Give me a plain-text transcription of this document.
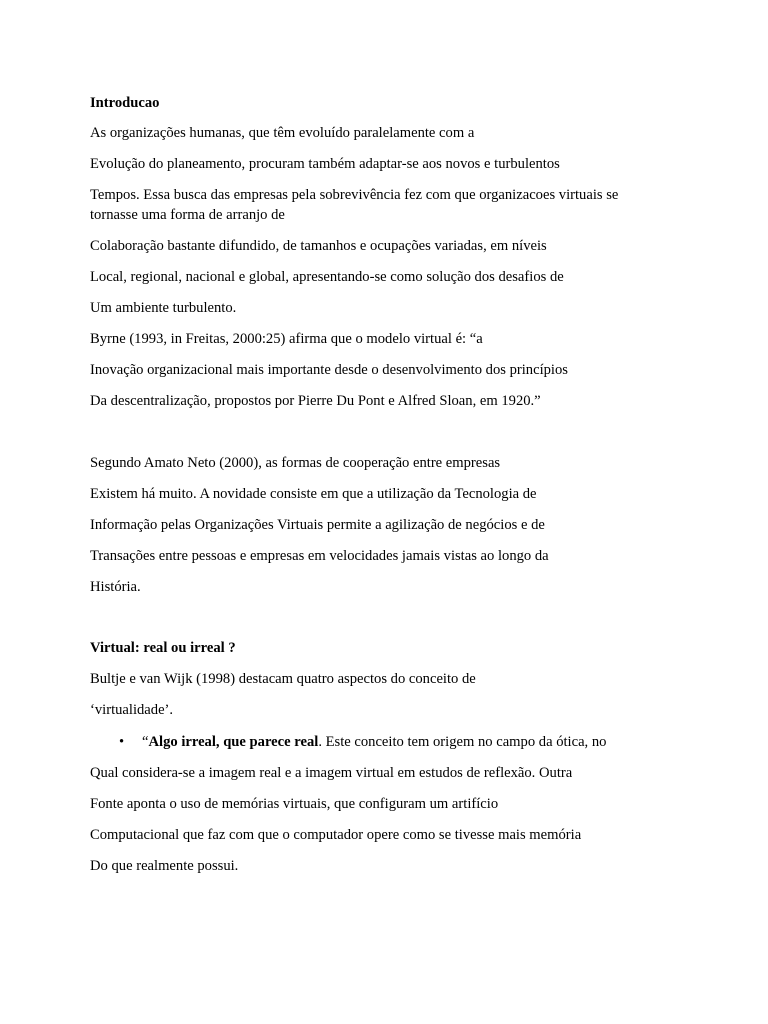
Introducao
As organizações humanas, que têm evoluído paralelamente com a
Evolução do planeamento, procuram também adaptar-se aos novos e turbulentos
Tempos. Essa busca das empresas pela sobrevivência fez com que organizacoes virtuais se
tornasse uma forma de arranjo de
Colaboração bastante difundido, de tamanhos e ocupações variadas, em níveis
Local, regional, nacional e global, apresentando-se como solução dos desafios de
Um ambiente turbulento.
Byrne (1993, in Freitas, 2000:25) afirma que o modelo virtual é: “a
Inovação organizacional mais importante desde o desenvolvimento dos princípios
Da descentralização, propostos por Pierre Du Pont e Alfred Sloan, em 1920.”
Segundo Amato Neto (2000), as formas de cooperação entre empresas
Existem há muito. A novidade consiste em que a utilização da Tecnologia de
Informação pelas Organizações Virtuais permite a agilização de negócios e de
Transações entre pessoas e empresas em velocidades jamais vistas ao longo da
História.
Virtual: real ou irreal ?
Bultje e van Wijk (1998) destacam quatro aspectos do conceito de
‘virtualidade’.
• “Algo irreal, que parece real. Este conceito tem origem no campo da ótica, no
Qual considera-se a imagem real e a imagem virtual em estudos de reflexão. Outra
Fonte aponta o uso de memórias virtuais, que configuram um artifício
Computacional que faz com que o computador opere como se tivesse mais memória
Do que realmente possui.
